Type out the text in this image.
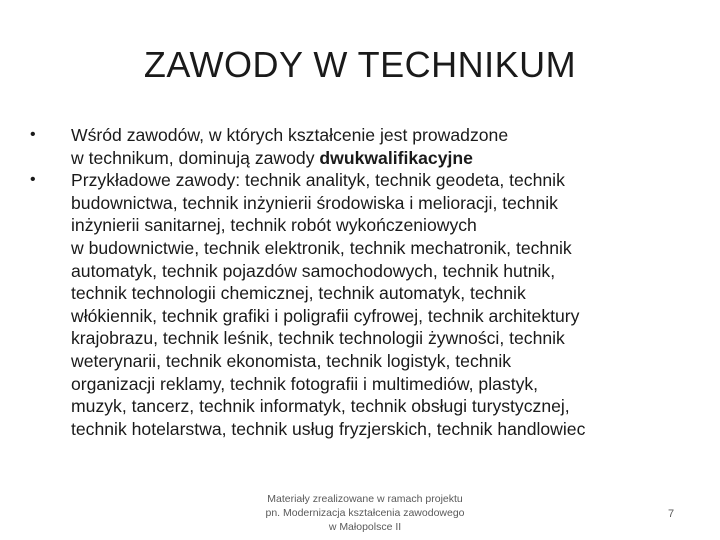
ZAWODY W TECHNIKUM
• Wśród zawodów, w których kształcenie jest prowadzone
w technikum, dominują zawody dwukwalifikacyjne
• Przykładowe zawody: technik analityk, technik geodeta, technik
budownictwa, technik inżynierii środowiska i melioracji, technik
inżynierii sanitarnej, technik robót wykończeniowych
w budownictwie, technik elektronik, technik mechatronik, technik
automatyk, technik pojazdów samochodowych, technik hutnik,
technik technologii chemicznej, technik automatyk, technik
włókiennik, technik grafiki i poligrafii cyfrowej, technik architektury
krajobrazu, technik leśnik, technik technologii żywności, technik
weterynarii, technik ekonomista, technik logistyk, technik
organizacji reklamy, technik fotografii i multimediów, plastyk,
muzyk, tancerz, technik informatyk, technik obsługi turystycznej,
technik hotelarstwa, technik usług fryzjerskich, technik handlowiec
Materiały zrealizowane w ramach projektu
pn. Modernizacja kształcenia zawodowego
w Małopolsce II
7
